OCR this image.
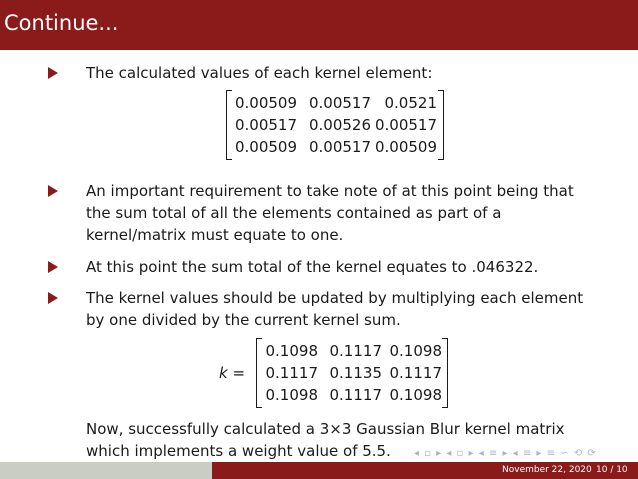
Continue...
The calculated values of each kernel element:
0.00509 0.00517 0.0521
0.00517 0.00526 0.00517
0.00509 0.00517 0.00509
An important requirement to take note of at this point being that the sum total of all the elements contained as part of a kernel/matrix must equate to one.
At this point the sum total of the kernel equates to .046322.
The kernel values should be updated by multiplying each element by one divided by the current kernel sum.
k =
0.1098 0.1117 0.1098
0.1117 0.1135 0.1117
0.1098 0.1117 0.1098
Now, successfully calculated a 3×3 Gaussian Blur kernel matrix which implements a weight value of 5.5.	◂ ▫ ▸ ◂ ▫ ▸ ◂ ≡ ▸ ◂ ≡ ▸ ≡ ∽ ⟲ ⟳
November 22, 2020 10 / 10
